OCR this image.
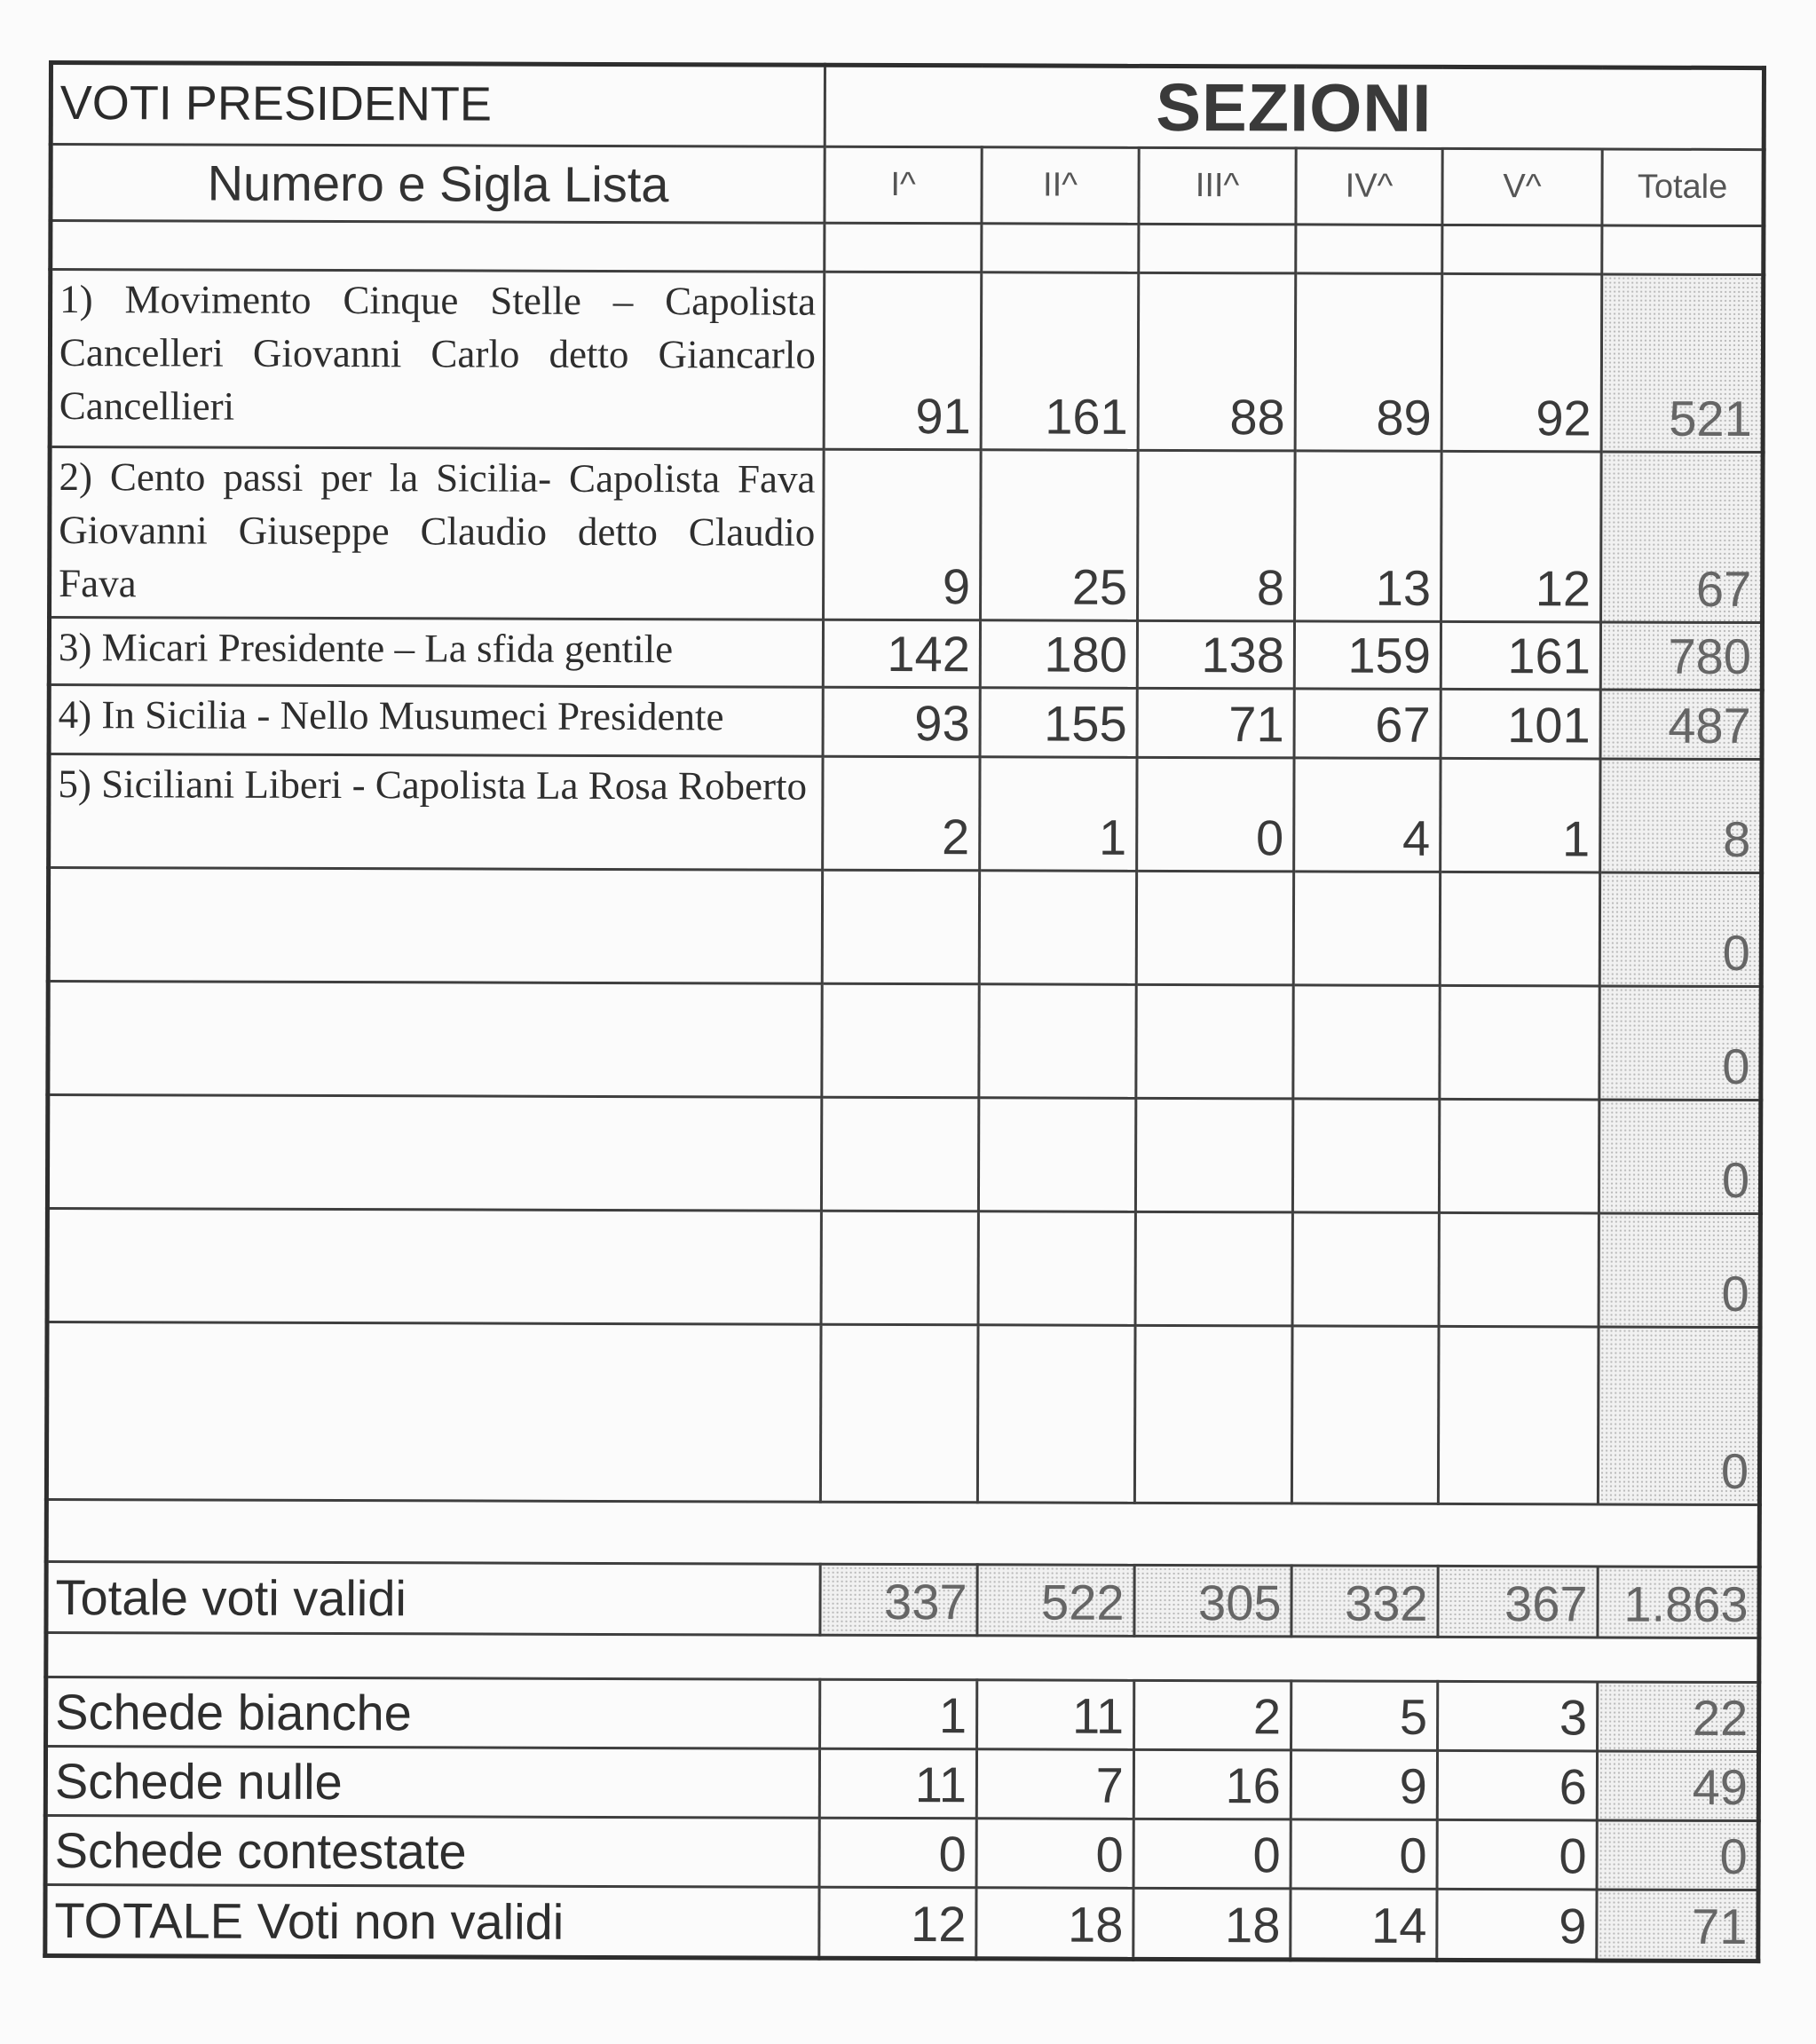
VOTI PRESIDENTE	SEZIONI					
Numero e Sigla Lista	I^	II^	III^	IV^	V^	Totale

1) Movimento Cinque Stelle – Capolista Cancelleri Giovanni Carlo detto Giancarlo Cancellieri	91	161	88	89	92	521
2) Cento passi per la Sicilia- Capolista Fava Giovanni Giuseppe Claudio detto Claudio Fava	9	25	8	13	12	67
3) Micari Presidente – La sfida gentile	142	180	138	159	161	780
4) In Sicilia - Nello Musumeci Presidente	93	155	71	67	101	487
5) Siciliani Liberi - Capolista La Rosa Roberto	2	1	0	4	1	8
						0
						0
						0
						0
						0

Totale voti validi	337	522	305	332	367	1.863

Schede bianche	1	11	2	5	3	22
Schede nulle	11	7	16	9	6	49
Schede contestate	0	0	0	0	0	0
TOTALE Voti non validi	12	18	18	14	9	71
